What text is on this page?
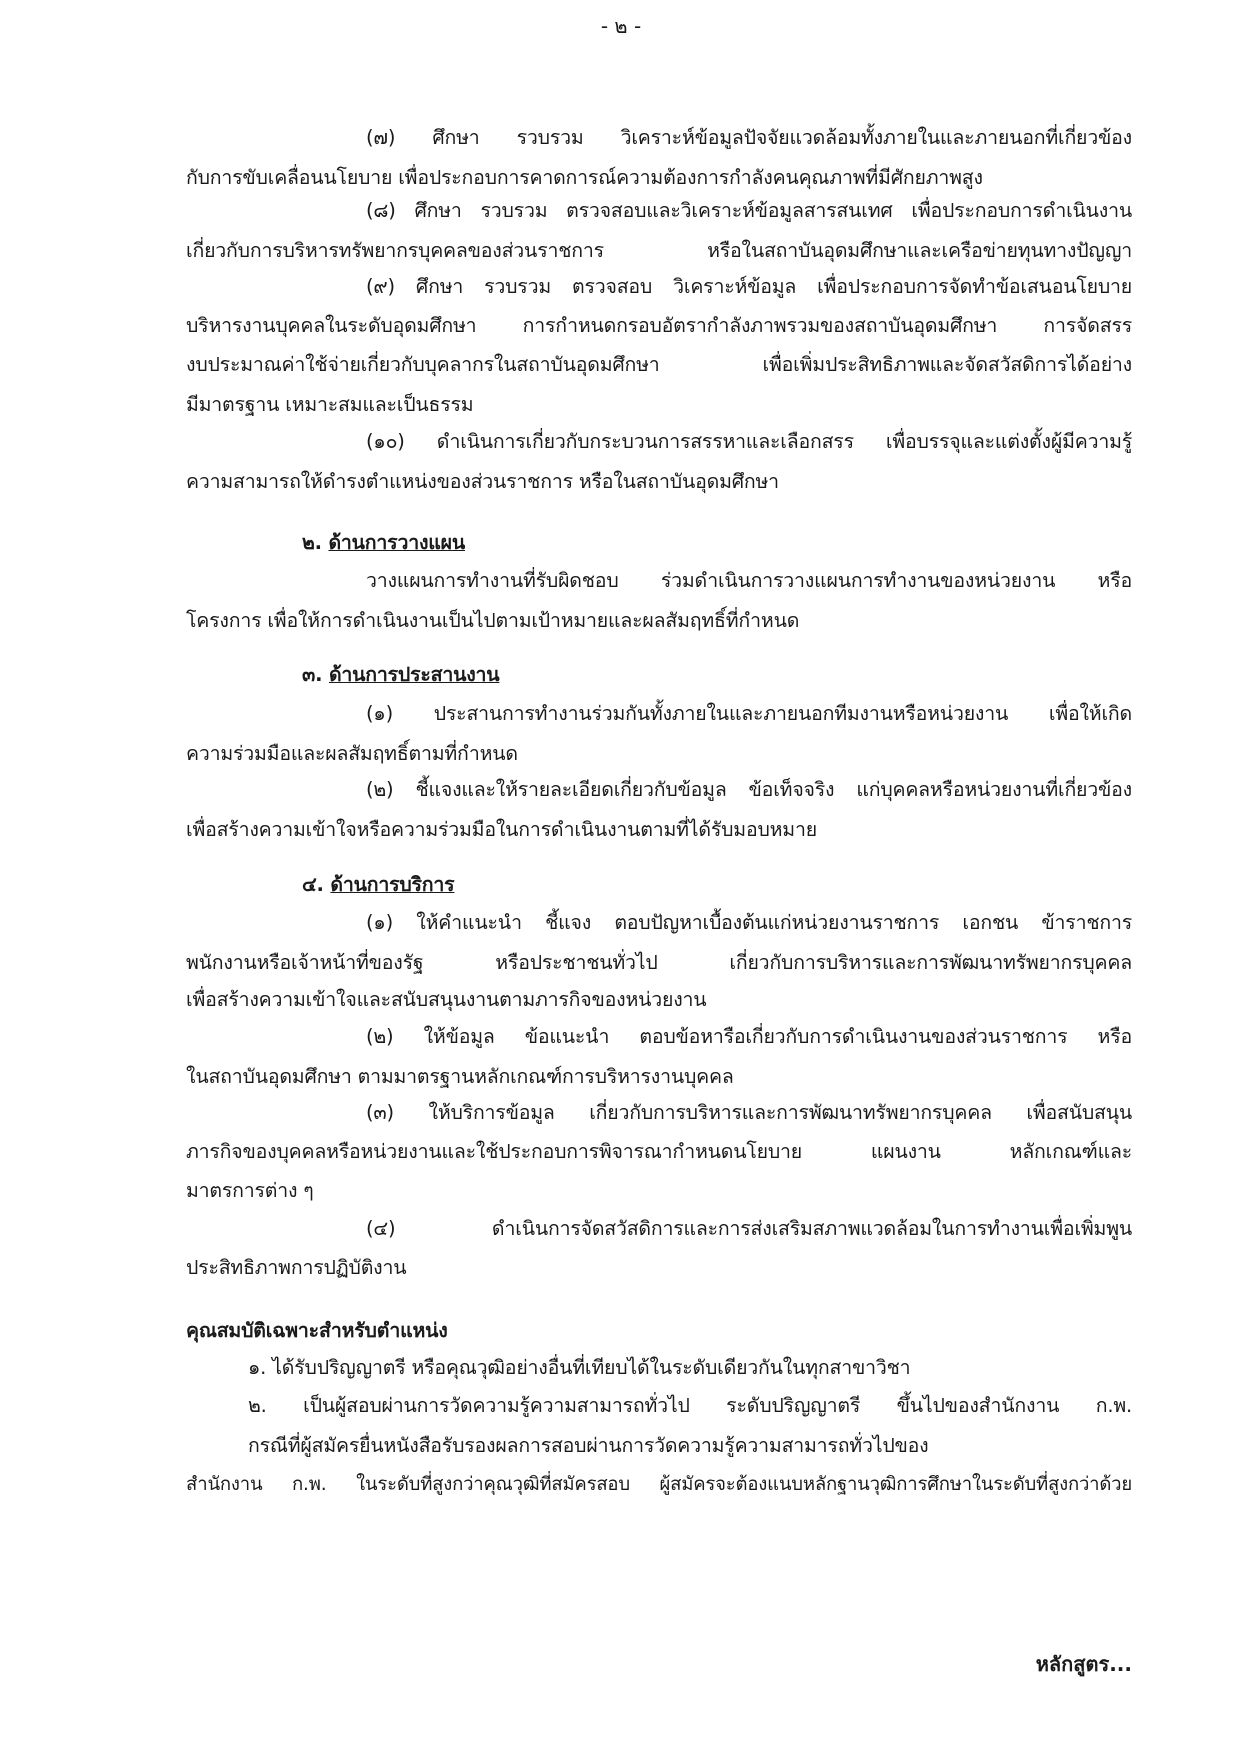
- ๒ -
(๗) ศึกษา รวบรวม วิเคราะห์ข้อมูลปัจจัยแวดล้อมทั้งภายในและภายนอกที่เกี่ยวข้อง
กับการขับเคลื่อนนโยบาย เพื่อประกอบการคาดการณ์ความต้องการกำลังคนคุณภาพที่มีศักยภาพสูง
(๘) ศึกษา รวบรวม ตรวจสอบและวิเคราะห์ข้อมูลสารสนเทศ เพื่อประกอบการดำเนินงาน
เกี่ยวกับการบริหารทรัพยากรบุคคลของส่วนราชการ หรือในสถาบันอุดมศึกษาและเครือข่ายทุนทางปัญญา
(๙) ศึกษา รวบรวม ตรวจสอบ วิเคราะห์ข้อมูล เพื่อประกอบการจัดทำข้อเสนอนโยบาย
บริหารงานบุคคลในระดับอุดมศึกษา การกำหนดกรอบอัตรากำลังภาพรวมของสถาบันอุดมศึกษา การจัดสรร
งบประมาณค่าใช้จ่ายเกี่ยวกับบุคลากรในสถาบันอุดมศึกษา เพื่อเพิ่มประสิทธิภาพและจัดสวัสดิการได้อย่าง
มีมาตรฐาน เหมาะสมและเป็นธรรม
(๑๐) ดำเนินการเกี่ยวกับกระบวนการสรรหาและเลือกสรร เพื่อบรรจุและแต่งตั้งผู้มีความรู้
ความสามารถให้ดำรงตำแหน่งของส่วนราชการ หรือในสถาบันอุดมศึกษา
๒. ด้านการวางแผน
วางแผนการทำงานที่รับผิดชอบ ร่วมดำเนินการวางแผนการทำงานของหน่วยงาน หรือ
โครงการ เพื่อให้การดำเนินงานเป็นไปตามเป้าหมายและผลสัมฤทธิ์ที่กำหนด
๓. ด้านการประสานงาน
(๑) ประสานการทำงานร่วมกันทั้งภายในและภายนอกทีมงานหรือหน่วยงาน เพื่อให้เกิด
ความร่วมมือและผลสัมฤทธิ์ตามที่กำหนด
(๒) ชี้แจงและให้รายละเอียดเกี่ยวกับข้อมูล ข้อเท็จจริง แก่บุคคลหรือหน่วยงานที่เกี่ยวข้อง
เพื่อสร้างความเข้าใจหรือความร่วมมือในการดำเนินงานตามที่ได้รับมอบหมาย
๔. ด้านการบริการ
(๑) ให้คำแนะนำ ชี้แจง ตอบปัญหาเบื้องต้นแก่หน่วยงานราชการ เอกชน ข้าราชการ
พนักงานหรือเจ้าหน้าที่ของรัฐ หรือประชาชนทั่วไป เกี่ยวกับการบริหารและการพัฒนาทรัพยากรบุคคล
เพื่อสร้างความเข้าใจและสนับสนุนงานตามภารกิจของหน่วยงาน
(๒) ให้ข้อมูล ข้อแนะนำ ตอบข้อหารือเกี่ยวกับการดำเนินงานของส่วนราชการ หรือ
ในสถาบันอุดมศึกษา ตามมาตรฐานหลักเกณฑ์การบริหารงานบุคคล
(๓) ให้บริการข้อมูล เกี่ยวกับการบริหารและการพัฒนาทรัพยากรบุคคล เพื่อสนับสนุน
ภารกิจของบุคคลหรือหน่วยงานและใช้ประกอบการพิจารณากำหนดนโยบาย แผนงาน หลักเกณฑ์และ
มาตรการต่าง ๆ
(๔) ดำเนินการจัดสวัสดิการและการส่งเสริมสภาพแวดล้อมในการทำงานเพื่อเพิ่มพูน
ประสิทธิภาพการปฏิบัติงาน
คุณสมบัติเฉพาะสำหรับตำแหน่ง
๑. ได้รับปริญญาตรี หรือคุณวุฒิอย่างอื่นที่เทียบได้ในระดับเดียวกันในทุกสาขาวิชา
๒. เป็นผู้สอบผ่านการวัดความรู้ความสามารถทั่วไป ระดับปริญญาตรี ขึ้นไปของสำนักงาน ก.พ.
กรณีที่ผู้สมัครยื่นหนังสือรับรองผลการสอบผ่านการวัดความรู้ความสามารถทั่วไปของ
สำนักงาน ก.พ. ในระดับที่สูงกว่าคุณวุฒิที่สมัครสอบ ผู้สมัครจะต้องแนบหลักฐานวุฒิการศึกษาในระดับที่สูงกว่าด้วย
หลักสูตร...
